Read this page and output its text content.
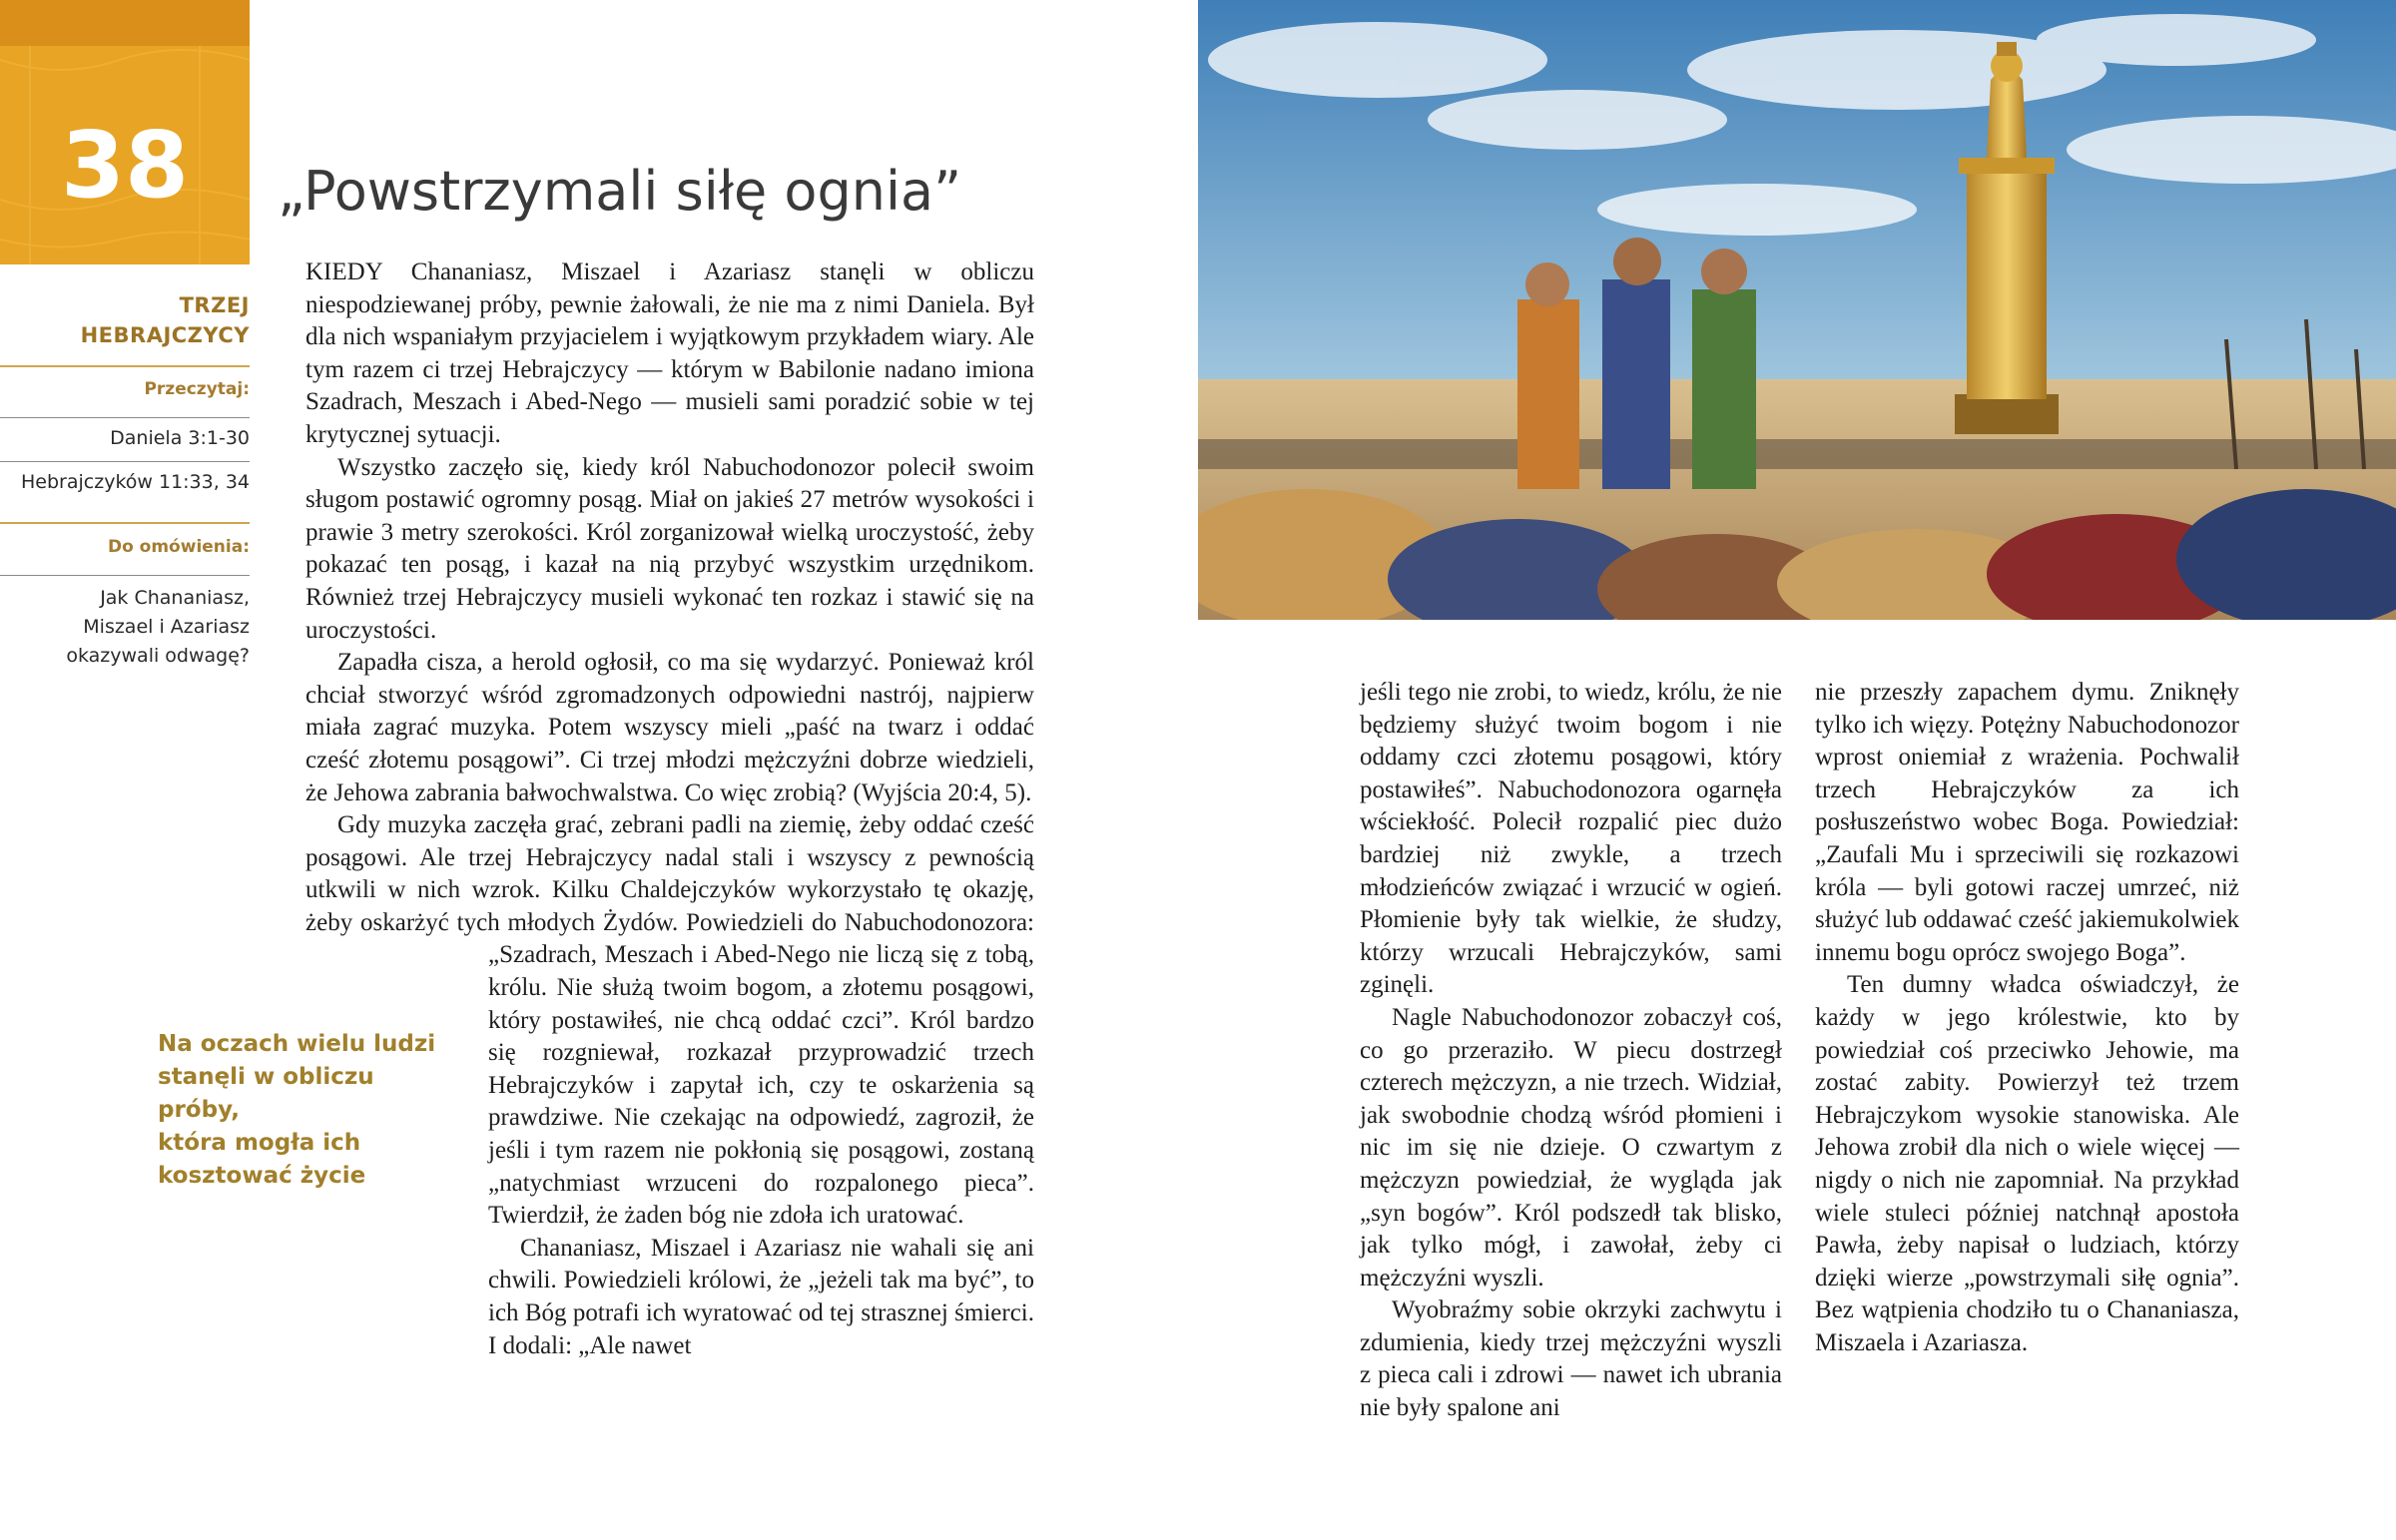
38	„Powstrzymali siłę ognia”
TRZEJ
HEBRAJCZYCY
Przeczytaj:
Daniela 3:1-30
Hebrajczyków 11:33, 34
Do omówienia:
Jak Chananiasz,
Miszael i Azariasz
okazywali odwagę?
Na oczach wielu ludzi
stanęli w obliczu próby,
która mogła ich
kosztować życie

KIEDY Chananiasz, Miszael i Azariasz stanęli w obliczu niespodziewanej próby, pewnie żałowali, że nie ma z nimi Daniela. Był dla nich wspaniałym przyjacielem i wyjątkowym przykładem wiary. Ale tym razem ci trzej Hebrajczycy — którym w Babilonie nadano imiona Szadrach, Meszach i Abed-Nego — musieli sami poradzić sobie w tej krytycznej sytuacji.

Wszystko zaczęło się, kiedy król Nabuchodonozor polecił swoim sługom postawić ogromny posąg. Miał on jakieś 27 metrów wysokości i prawie 3 metry szerokości. Król zorganizował wielką uroczystość, żeby pokazać ten posąg, i kazał na nią przybyć wszystkim urzędnikom. Również trzej Hebrajczycy musieli wykonać ten rozkaz i stawić się na uroczystości.

Zapadła cisza, a herold ogłosił, co ma się wydarzyć. Ponieważ król chciał stworzyć wśród zgromadzonych odpowiedni nastrój, najpierw miała zagrać muzyka. Potem wszyscy mieli „paść na twarz i oddać cześć złotemu posągowi”. Ci trzej młodzi mężczyźni dobrze wiedzieli, że Jehowa zabrania bałwochwalstwa. Co więc zrobią? (Wyjścia 20:4, 5).

Gdy muzyka zaczęła grać, zebrani padli na ziemię, żeby oddać cześć posągowi. Ale trzej Hebrajczycy nadal stali i wszyscy z pewnością utkwili w nich wzrok. Kilku Chaldejczyków wykorzystało tę okazję, żeby oskarżyć tych młodych Żydów. Powiedzieli do Nabuchodonozora: „Szadrach, Meszach i Abed-Nego nie liczą się z tobą, królu. Nie służą twoim bogom, a złotemu posągowi, który postawiłeś, nie chcą oddać czci”. Król bardzo się rozgniewał, rozkazał przyprowadzić trzech Hebrajczyków i zapytał ich, czy te oskarżenia są prawdziwe. Nie czekając na odpowiedź, zagroził, że jeśli i tym razem nie pokłonią się posągowi, zostaną „natychmiast wrzuceni do rozpalonego pieca”. Twierdził, że żaden bóg nie zdoła ich uratować.

Chananiasz, Miszael i Azariasz nie wahali się ani chwili. Powiedzieli królowi, że „jeżeli tak ma być”, to ich Bóg potrafi ich wyratować od tej strasznej śmierci. I dodali: „Ale nawet

jeśli tego nie zrobi, to wiedz, królu, że nie będziemy służyć twoim bogom i nie oddamy czci złotemu posągowi, który postawiłeś”. Nabuchodonozora ogarnęła wściekłość. Polecił rozpalić piec dużo bardziej niż zwykle, a trzech młodzieńców związać i wrzucić w ogień. Płomienie były tak wielkie, że słudzy, którzy wrzucali Hebrajczyków, sami zginęli.

Nagle Nabuchodonozor zobaczył coś, co go przeraziło. W piecu dostrzegł czterech mężczyzn, a nie trzech. Widział, jak swobodnie chodzą wśród płomieni i nic im się nie dzieje. O czwartym z mężczyzn powiedział, że wygląda jak „syn bogów”. Król podszedł tak blisko, jak tylko mógł, i zawołał, żeby ci mężczyźni wyszli.

Wyobraźmy sobie okrzyki zachwytu i zdumienia, kiedy trzej mężczyźni wyszli z pieca cali i zdrowi — nawet ich ubrania nie były spalone ani

nie przeszły zapachem dymu. Zniknęły tylko ich więzy. Potężny Nabuchodonozor wprost oniemiał z wrażenia. Pochwalił trzech Hebrajczyków za ich posłuszeństwo wobec Boga. Powiedział: „Zaufali Mu i sprzeciwili się rozkazowi króla — byli gotowi raczej umrzeć, niż służyć lub oddawać cześć jakiemukolwiek innemu bogu oprócz swojego Boga”.

Ten dumny władca oświadczył, że każdy w jego królestwie, kto by powiedział coś przeciwko Jehowie, ma zostać zabity. Powierzył też trzem Hebrajczykom wysokie stanowiska. Ale Jehowa zrobił dla nich o wiele więcej — nigdy o nich nie zapomniał. Na przykład wiele stuleci później natchnął apostoła Pawła, żeby napisał o ludziach, którzy dzięki wierze „powstrzymali siłę ognia”. Bez wątpienia chodziło tu o Chananiasza, Miszaela i Azariasza.
